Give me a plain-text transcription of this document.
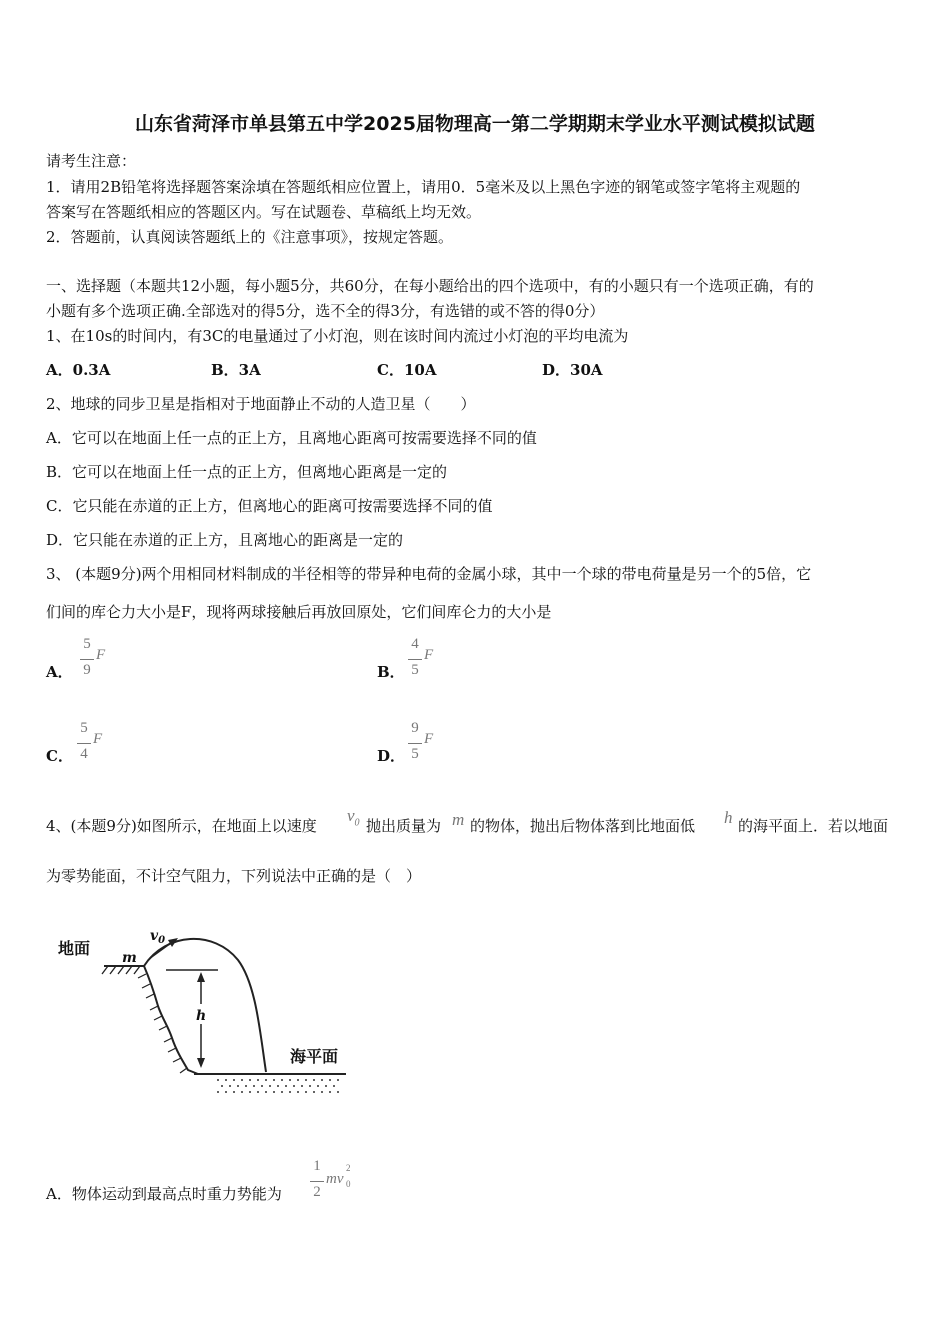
山东省菏泽市单县第五中学2025届物理高一第二学期期末学业水平测试模拟试题
请考生注意：
1．请用2B铅笔将选择题答案涂填在答题纸相应位置上，请用0．5毫米及以上黑色字迹的钢笔或签字笔将主观题的
答案写在答题纸相应的答题区内。写在试题卷、草稿纸上均无效。
2．答题前，认真阅读答题纸上的《注意事项》，按规定答题。
一、选择题（本题共12小题，每小题5分，共60分，在每小题给出的四个选项中，有的小题只有一个选项正确，有的
小题有多个选项正确.全部选对的得5分，选不全的得3分，有选错的或不答的得0分）
1、在10s的时间内，有3C的电量通过了小灯泡，则在该时间内流过小灯泡的平均电流为
A．0.3A	B．3A	C．10A	D．30A
2、地球的同步卫星是指相对于地面静止不动的人造卫星（　　）
A．它可以在地面上任一点的正上方，且离地心距离可按需要选择不同的值
B．它可以在地面上任一点的正上方，但离地心距离是一定的
C．它只能在赤道的正上方，但离地心的距离可按需要选择不同的值
D．它只能在赤道的正上方，且离地心的距离是一定的
3、 (本题9分)两个用相同材料制成的半径相等的带异种电荷的金属小球，其中一个球的带电荷量是另一个的5倍，它
们间的库仑力大小是F，现将两球接触后再放回原处，它们间库仑力的大小是
A．
5
9
F
B．
4
5
F
C．
5
4
F
D．
9
5
F
4、(本题9分)如图所示，在地面上以速度
$v_0$ 抛出质量为 m 的物体，抛出后物体落到比地面低 h 的海平面上．若以地面
为零势能面，不计空气阻力，下列说法中正确的是（　）
地面 m
$v_0$
h
海平面
A．物体运动到最高点时重力势能为
1
2
mv
2
0
